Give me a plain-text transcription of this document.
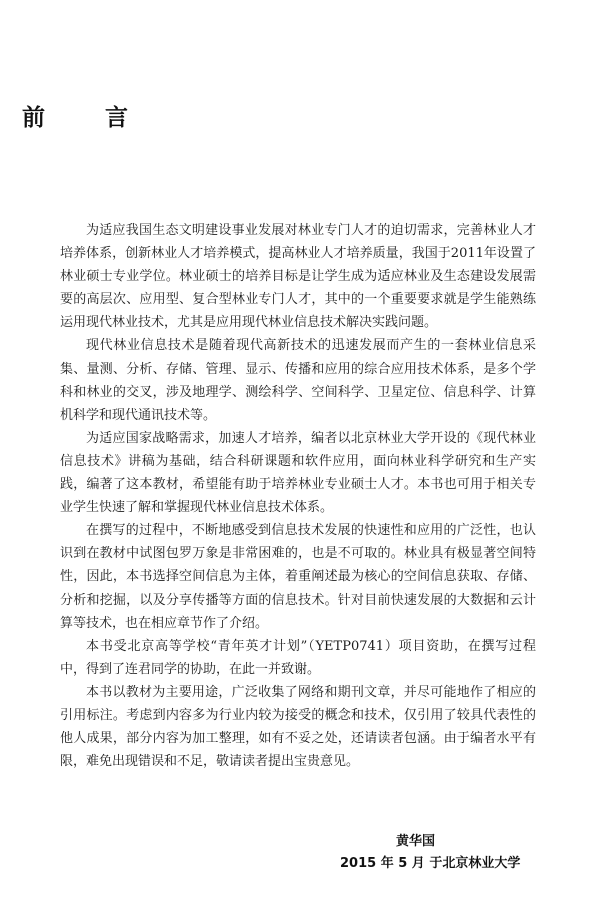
前 言

为适应我国生态文明建设事业发展对林业专门人才的迫切需求，完善林业人才培养体系，创新林业人才培养模式，提高林业人才培养质量，我国于2011年设置了林业硕士专业学位。林业硕士的培养目标是让学生成为适应林业及生态建设发展需要的高层次、应用型、复合型林业专门人才，其中的一个重要要求就是学生能熟练运用现代林业技术，尤其是应用现代林业信息技术解决实践问题。

现代林业信息技术是随着现代高新技术的迅速发展而产生的一套林业信息采集、量测、分析、存储、管理、显示、传播和应用的综合应用技术体系，是多个学科和林业的交叉，涉及地理学、测绘科学、空间科学、卫星定位、信息科学、计算机科学和现代通讯技术等。

为适应国家战略需求，加速人才培养，编者以北京林业大学开设的《现代林业信息技术》讲稿为基础，结合科研课题和软件应用，面向林业科学研究和生产实践，编著了这本教材，希望能有助于培养林业专业硕士人才。本书也可用于相关专业学生快速了解和掌握现代林业信息技术体系。

在撰写的过程中，不断地感受到信息技术发展的快速性和应用的广泛性，也认识到在教材中试图包罗万象是非常困难的，也是不可取的。林业具有极显著空间特性，因此，本书选择空间信息为主体，着重阐述最为核心的空间信息获取、存储、分析和挖掘，以及分享传播等方面的信息技术。针对目前快速发展的大数据和云计算等技术，也在相应章节作了介绍。

本书受北京高等学校“青年英才计划”（YETP0741）项目资助，在撰写过程中，得到了连君同学的协助，在此一并致谢。

本书以教材为主要用途，广泛收集了网络和期刊文章，并尽可能地作了相应的引用标注。考虑到内容多为行业内较为接受的概念和技术，仅引用了较具代表性的他人成果，部分内容为加工整理，如有不妥之处，还请读者包涵。由于编者水平有限，难免出现错误和不足，敬请读者提出宝贵意见。

黄华国
2015 年 5 月 于北京林业大学
